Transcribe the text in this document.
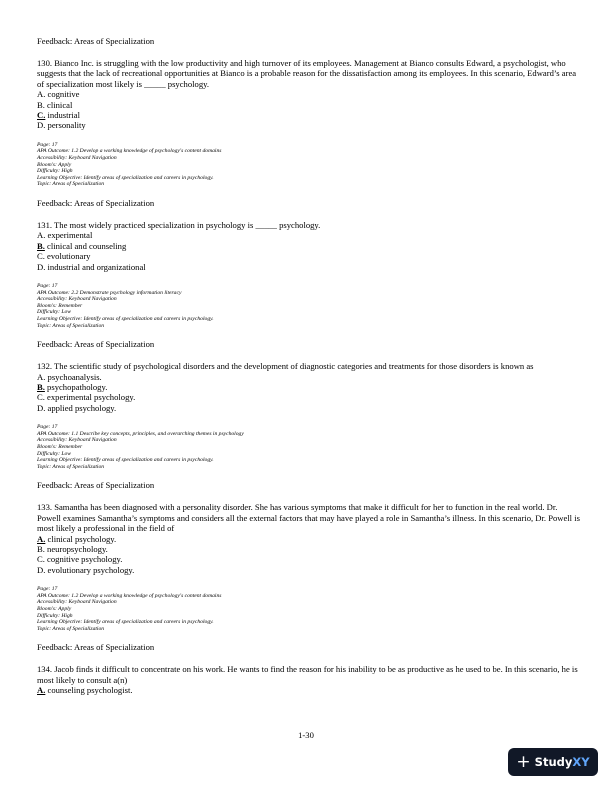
Feedback: Areas of Specialization

130. Bianco Inc. is struggling with the low productivity and high turnover of its employees. Management at Bianco consults Edward, a psychologist, who suggests that the lack of recreational opportunities at Bianco is a probable reason for the dissatisfaction among its employees. In this scenario, Edward’s area of specialization most likely is _____ psychology.

A. cognitive
B. clinical
C. industrial
D. personality
Page: 17
APA Outcome: 1.2 Develop a working knowledge of psychology's content domains
Accessibility: Keyboard Navigation
Bloom's: Apply
Difficulty: High
Learning Objective: Identify areas of specialization and careers in psychology.
Topic: Areas of Specialization
Feedback: Areas of Specialization

131. The most widely practiced specialization in psychology is _____ psychology.

A. experimental
B. clinical and counseling
C. evolutionary
D. industrial and organizational
Page: 17
APA Outcome: 2.2 Demonstrate psychology information literacy
Accessibility: Keyboard Navigation
Bloom's: Remember
Difficulty: Low
Learning Objective: Identify areas of specialization and careers in psychology.
Topic: Areas of Specialization
Feedback: Areas of Specialization

132. The scientific study of psychological disorders and the development of diagnostic categories and treatments for those disorders is known as

A. psychoanalysis.
B. psychopathology.
C. experimental psychology.
D. applied psychology.
Page: 17
APA Outcome: 1.1 Describe key concepts, principles, and overarching themes in psychology
Accessibility: Keyboard Navigation
Bloom's: Remember
Difficulty: Low
Learning Objective: Identify areas of specialization and careers in psychology.
Topic: Areas of Specialization
Feedback: Areas of Specialization

133. Samantha has been diagnosed with a personality disorder. She has various symptoms that make it difficult for her to function in the real world. Dr. Powell examines Samantha’s symptoms and considers all the external factors that may have played a role in Samantha’s illness. In this scenario, Dr. Powell is most likely a professional in the field of

A. clinical psychology.
B. neuropsychology.
C. cognitive psychology.
D. evolutionary psychology.
Page: 17
APA Outcome: 1.2 Develop a working knowledge of psychology's content domains
Accessibility: Keyboard Navigation
Bloom's: Apply
Difficulty: High
Learning Objective: Identify areas of specialization and careers in psychology.
Topic: Areas of Specialization
Feedback: Areas of Specialization

134. Jacob finds it difficult to concentrate on his work. He wants to find the reason for his inability to be as productive as he used to be. In this scenario, he is most likely to consult a(n)

A. counseling psychologist.
1-30
+ StudyXY
